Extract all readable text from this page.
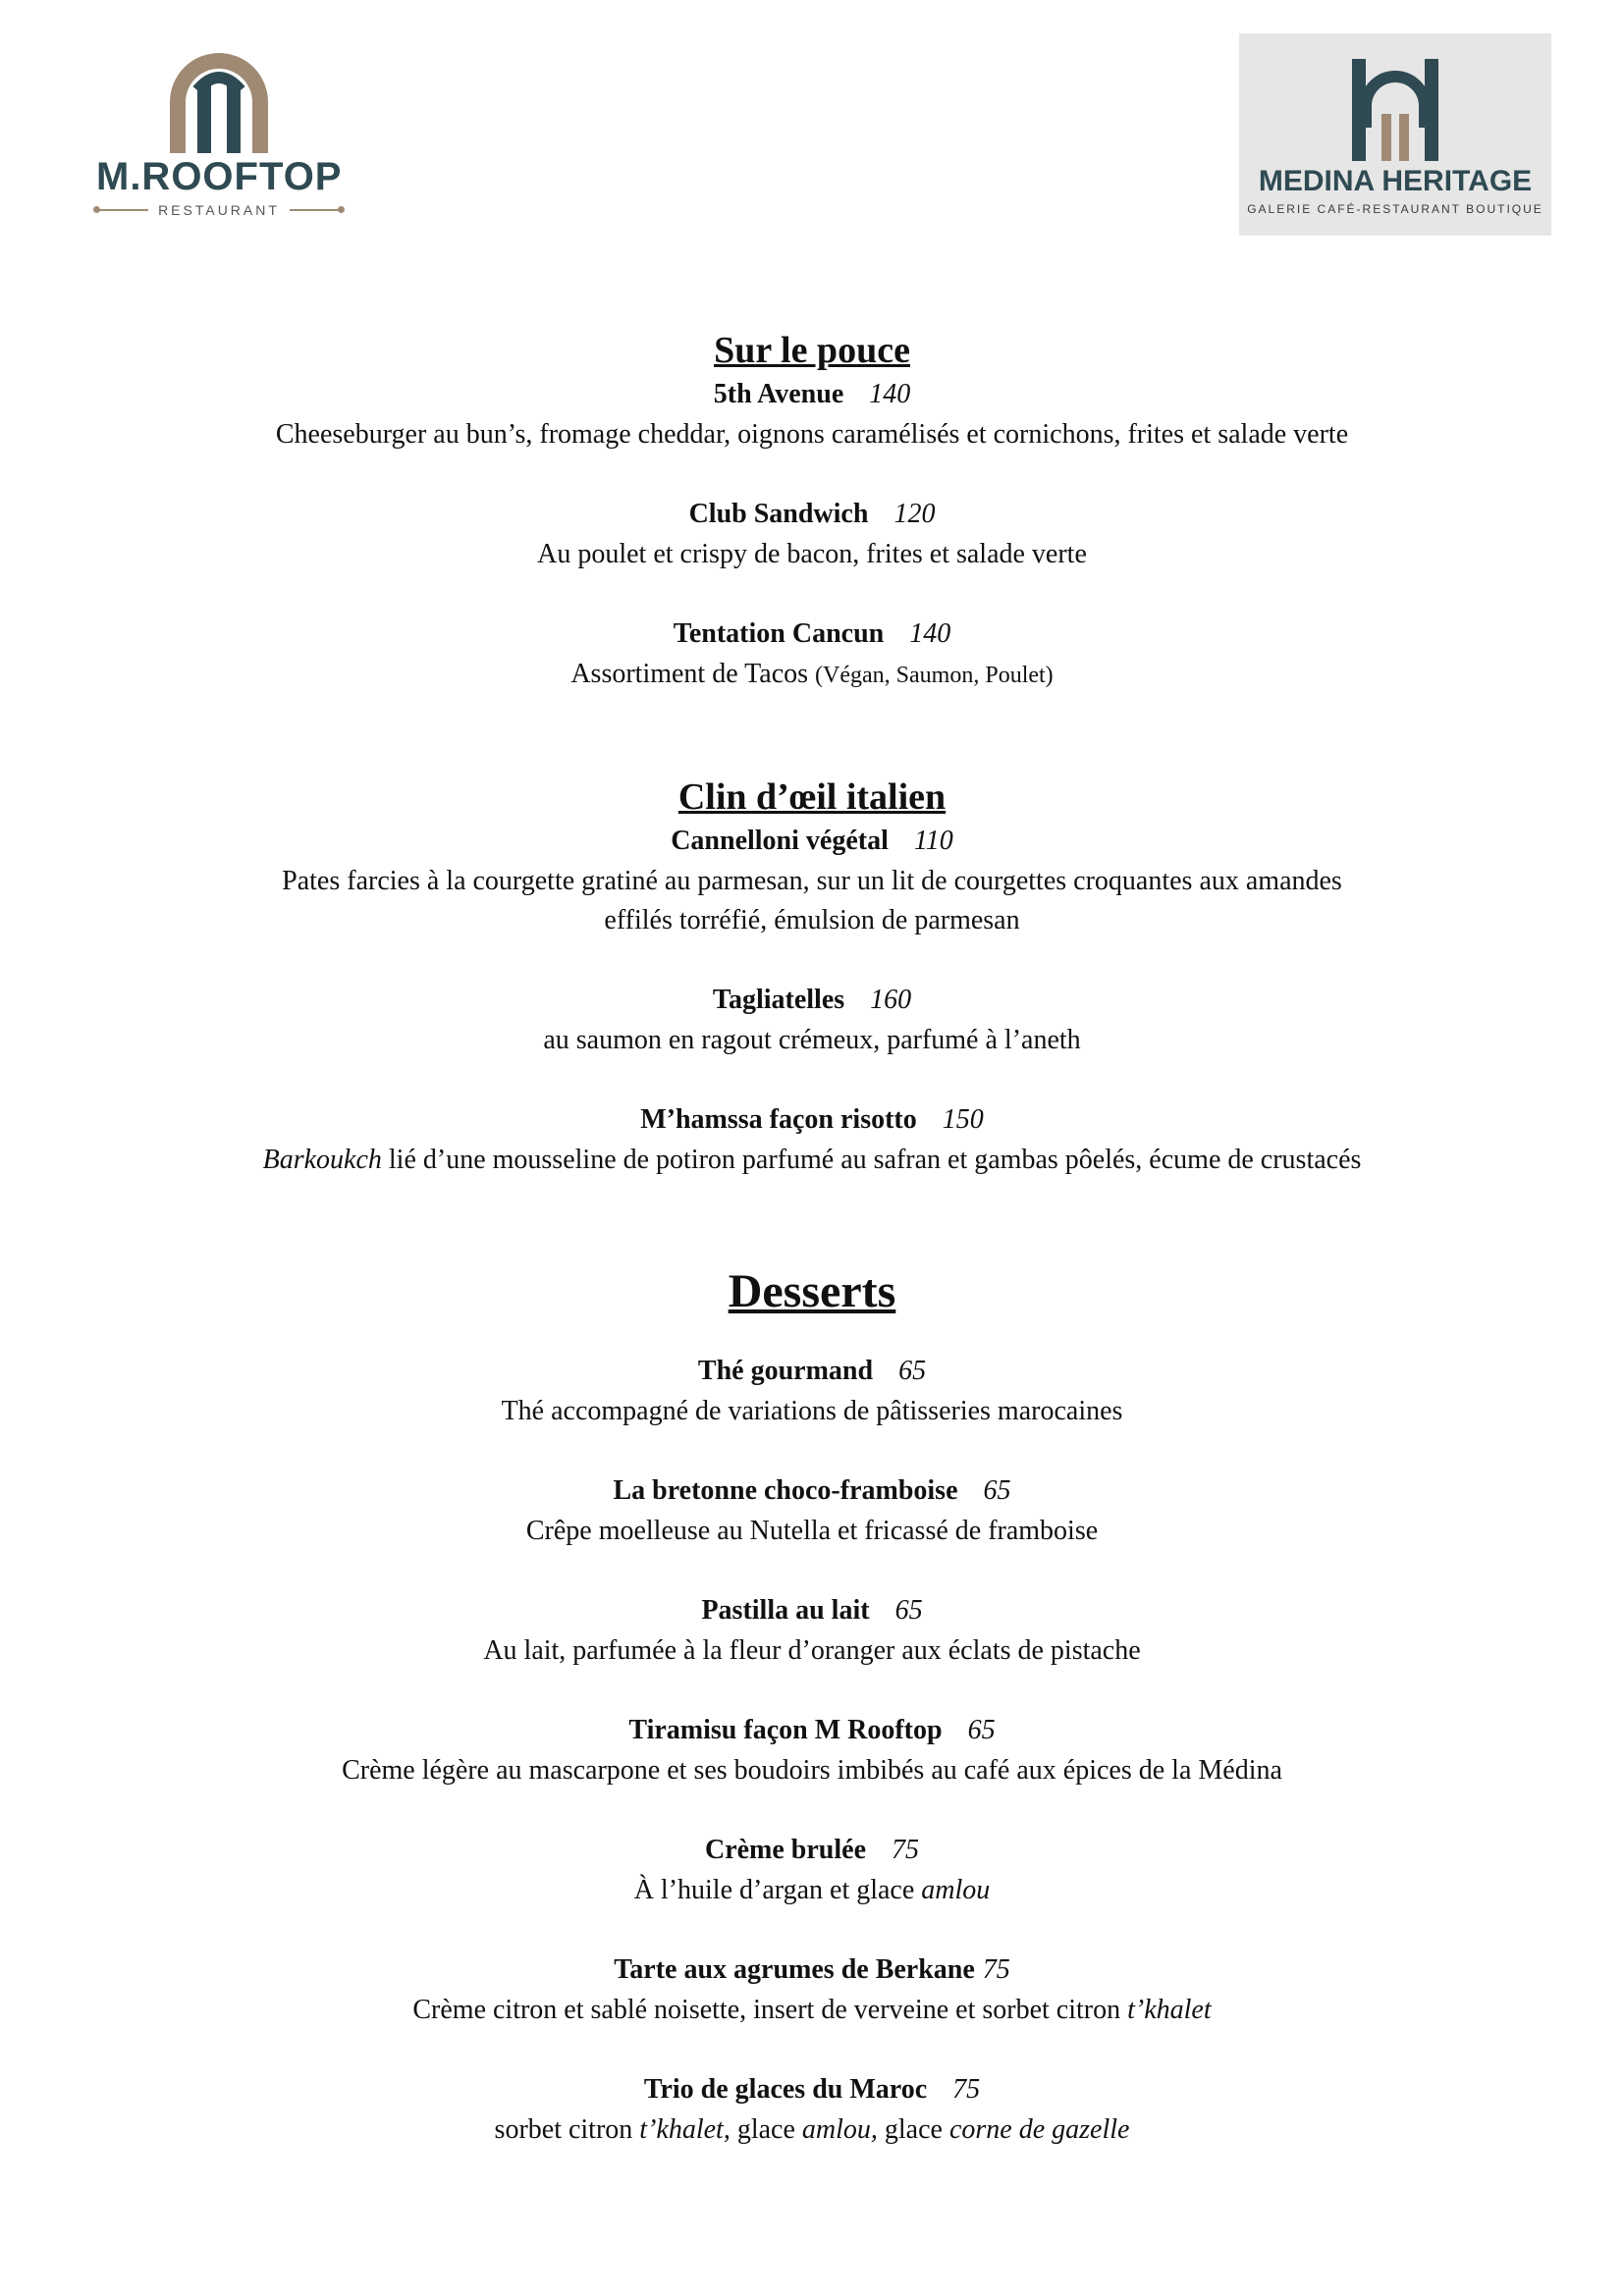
M.ROOFTOP
RESTAURANT
MEDINA HERITAGE
GALERIE CAFÉ-RESTAURANT BOUTIQUE
Sur le pouce
5th Avenue 140
Cheeseburger au bun’s, fromage cheddar, oignons caramélisés et cornichons, frites et salade verte
Club Sandwich 120
Au poulet et crispy de bacon, frites et salade verte
Tentation Cancun 140
Assortiment de Tacos (Végan, Saumon, Poulet)
Clin d’œil italien
Cannelloni végétal 110
Pates farcies à la courgette gratiné au parmesan, sur un lit de courgettes croquantes aux amandes
effilés torréfié, émulsion de parmesan
Tagliatelles 160
au saumon en ragout crémeux, parfumé à l’aneth
M’hamssa façon risotto 150
Barkoukch lié d’une mousseline de potiron parfumé au safran et gambas pôelés, écume de crustacés
Desserts
Thé gourmand 65
Thé accompagné de variations de pâtisseries marocaines
La bretonne choco-framboise 65
Crêpe moelleuse au Nutella et fricassé de framboise
Pastilla au lait 65
Au lait, parfumée à la fleur d’oranger aux éclats de pistache
Tiramisu façon M Rooftop 65
Crème légère au mascarpone et ses boudoirs imbibés au café aux épices de la Médina
Crème brulée 75
À l’huile d’argan et glace amlou
Tarte aux agrumes de Berkane 75
Crème citron et sablé noisette, insert de verveine et sorbet citron t’khalet
Trio de glaces du Maroc 75
sorbet citron t’khalet, glace amlou, glace corne de gazelle
